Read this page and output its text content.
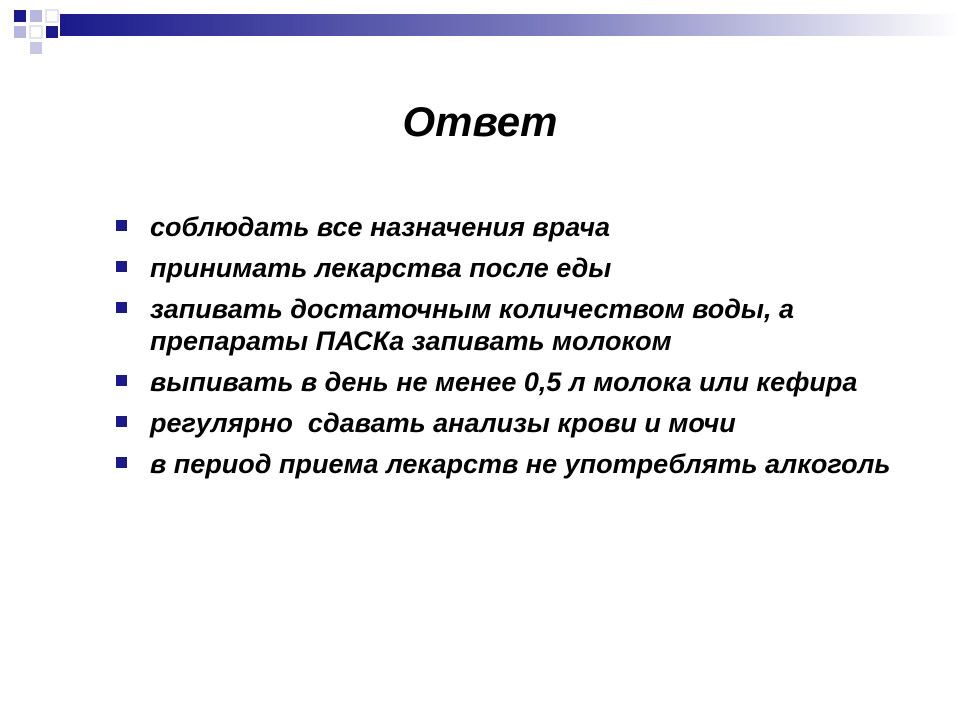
Ответ
соблюдать все назначения врача
принимать лекарства после еды
запивать достаточным количеством воды, а препараты ПАСКа запивать молоком
выпивать в день не менее 0,5 л молока или кефира
регулярно  сдавать анализы крови и мочи
в период приема лекарств не употреблять алкоголь
